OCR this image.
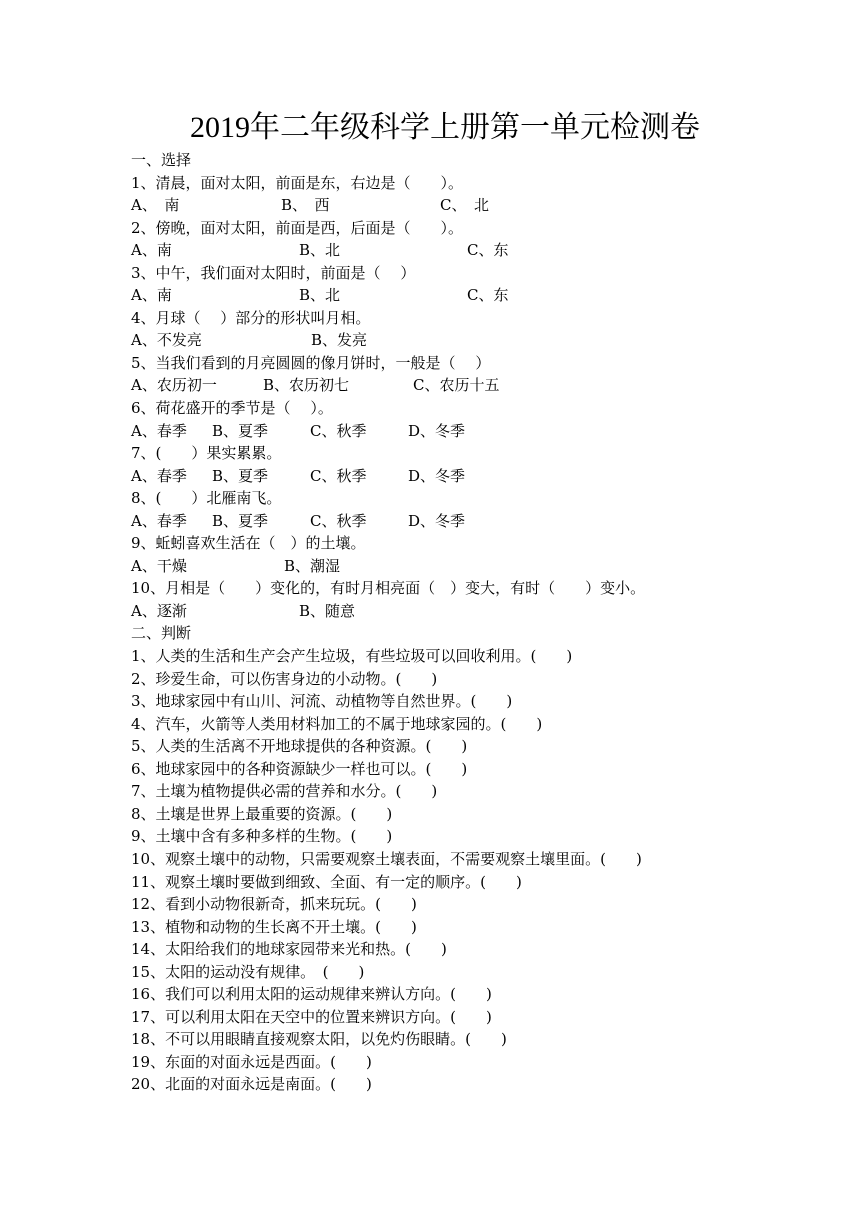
2019年二年级科学上册第一单元检测卷
一、选择
1、清晨，面对太阳，前面是东，右边是（　　）。
A、　南	B、　西	C、　北
2、傍晚，面对太阳，前面是西，后面是（　　）。
A、南	B、北	C、东
3、中午，我们面对太阳时，前面是（　 ）
A、南	B、北	C、东
4、月球（　 ）部分的形状叫月相。
A、不发亮	B、发亮
5、当我们看到的月亮圆圆的像月饼时，一般是（　 ）
A、农历初一	B、农历初七	C、农历十五
6、荷花盛开的季节是（　 ）。
A、春季 B、夏季	C、秋季	D、冬季
7、(　　）果实累累。
A、春季 B、夏季	C、秋季	D、冬季
8、(　　）北雁南飞。
A、春季 B、夏季	C、秋季	D、冬季
9、蚯蚓喜欢生活在（　）的土壤。
A、干燥	B、潮湿
10、月相是（　　）变化的，有时月相亮面（　）变大，有时（　　）变小。
A、逐渐	B、随意
二、判断
1、人类的生活和生产会产生垃圾，有些垃圾可以回收利用。(　　)
2、珍爱生命，可以伤害身边的小动物。(　　)
3、地球家园中有山川、河流、动植物等自然世界。(　　)
4、汽车，火箭等人类用材料加工的不属于地球家园的。(　　)
5、人类的生活离不开地球提供的各种资源。(　　)
6、地球家园中的各种资源缺少一样也可以。(　　)
7、土壤为植物提供必需的营养和水分。(　　)
8、土壤是世界上最重要的资源。(　　)
9、土壤中含有多种多样的生物。(　　)
10、观察土壤中的动物，只需要观察土壤表面，不需要观察土壤里面。(　　)
11、观察土壤时要做到细致、全面、有一定的顺序。(　　)
12、看到小动物很新奇，抓来玩玩。(　　)
13、植物和动物的生长离不开土壤。(　　)
14、太阳给我们的地球家园带来光和热。(　　)
15、太阳的运动没有规律。　(　　)
16、我们可以利用太阳的运动规律来辨认方向。(　　)
17、可以利用太阳在天空中的位置来辨识方向。(　　)
18、不可以用眼睛直接观察太阳，以免灼伤眼睛。(　　)
19、东面的对面永远是西面。(　　)
20、北面的对面永远是南面。(　　)
